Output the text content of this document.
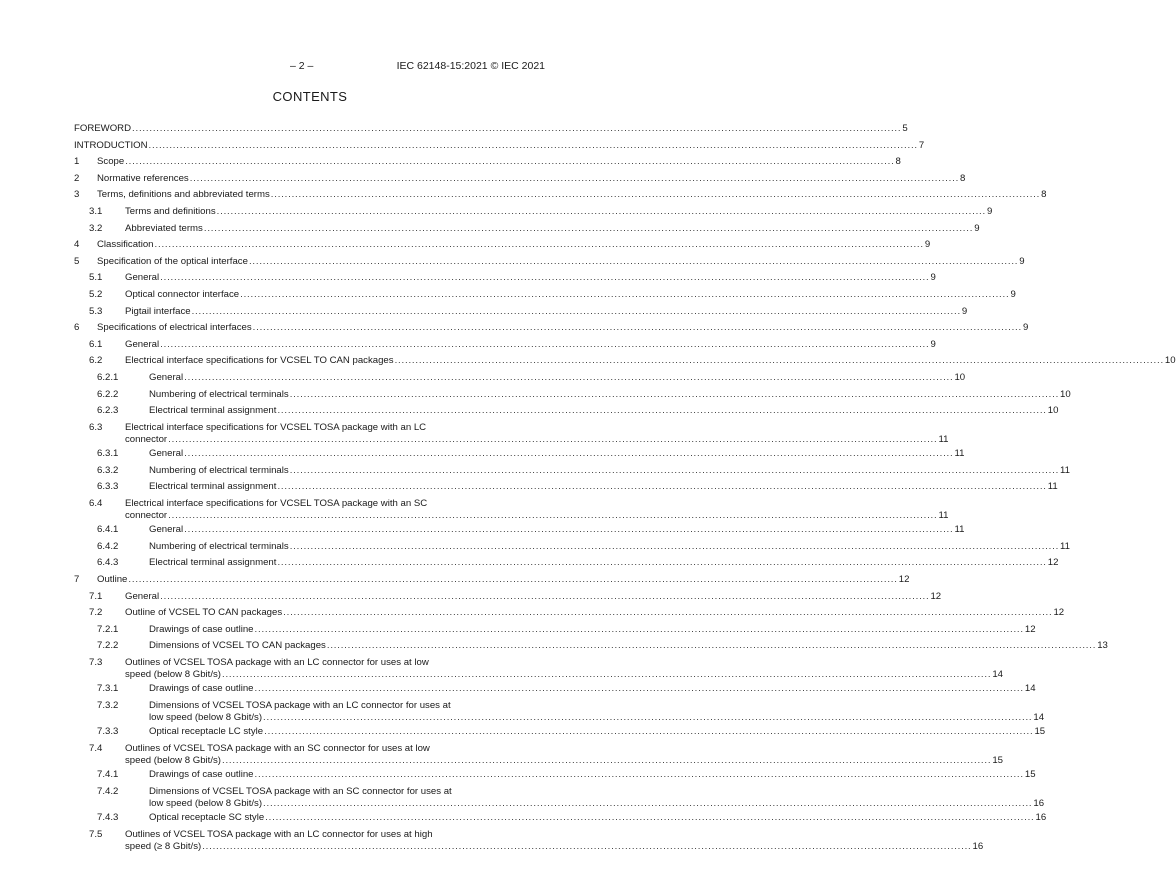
– 2 –	IEC 62148-15:2021 © IEC 2021
CONTENTS
FOREWORD .............................................................................................................................................................................................................................. 5
INTRODUCTION .............................................................................................................................................................................................................................. 7
1 Scope .............................................................................................................................................................................................................................. 8
2 Normative references .............................................................................................................................................................................................................................. 8
3 Terms, definitions and abbreviated terms .............................................................................................................................................................................................................................. 8
3.1 Terms and definitions .............................................................................................................................................................................................................................. 9
3.2 Abbreviated terms .............................................................................................................................................................................................................................. 9
4 Classification .............................................................................................................................................................................................................................. 9
5 Specification of the optical interface .............................................................................................................................................................................................................................. 9
5.1 General .............................................................................................................................................................................................................................. 9
5.2 Optical connector interface .............................................................................................................................................................................................................................. 9
5.3 Pigtail interface .............................................................................................................................................................................................................................. 9
6 Specifications of electrical interfaces .............................................................................................................................................................................................................................. 9
6.1 General .............................................................................................................................................................................................................................. 9
6.2 Electrical interface specifications for VCSEL TO CAN packages .............................................................................................................................................................................................................................. 10
6.2.1	General .............................................................................................................................................................................................................................. 10
6.2.2	Numbering of electrical terminals .............................................................................................................................................................................................................................. 10
6.2.3	Electrical terminal assignment .............................................................................................................................................................................................................................. 10
6.3 Electrical interface specifications for VCSEL TOSA package with an LC
connector .............................................................................................................................................................................................................................. 11
6.3.1	General .............................................................................................................................................................................................................................. 11
6.3.2	Numbering of electrical terminals .............................................................................................................................................................................................................................. 11
6.3.3	Electrical terminal assignment .............................................................................................................................................................................................................................. 11
6.4 Electrical interface specifications for VCSEL TOSA package with an SC
connector .............................................................................................................................................................................................................................. 11
6.4.1	General .............................................................................................................................................................................................................................. 11
6.4.2	Numbering of electrical terminals .............................................................................................................................................................................................................................. 11
6.4.3	Electrical terminal assignment .............................................................................................................................................................................................................................. 12
7 Outline .............................................................................................................................................................................................................................. 12
7.1 General .............................................................................................................................................................................................................................. 12
7.2 Outline of VCSEL TO CAN packages .............................................................................................................................................................................................................................. 12
7.2.1	Drawings of case outline .............................................................................................................................................................................................................................. 12
7.2.2	Dimensions of VCSEL TO CAN packages .............................................................................................................................................................................................................................. 13
7.3 Outlines of VCSEL TOSA package with an LC connector for uses at low
speed (below 8 Gbit/s) .............................................................................................................................................................................................................................. 14
7.3.1	Drawings of case outline .............................................................................................................................................................................................................................. 14
7.3.2	Dimensions of VCSEL TOSA package with an LC connector for uses at
low speed (below 8 Gbit/s) .............................................................................................................................................................................................................................. 14
7.3.3	Optical receptacle LC style .............................................................................................................................................................................................................................. 15
7.4 Outlines of VCSEL TOSA package with an SC connector for uses at low
speed (below 8 Gbit/s) .............................................................................................................................................................................................................................. 15
7.4.1	Drawings of case outline .............................................................................................................................................................................................................................. 15
7.4.2	Dimensions of VCSEL TOSA package with an SC connector for uses at
low speed (below 8 Gbit/s) .............................................................................................................................................................................................................................. 16
7.4.3	Optical receptacle SC style .............................................................................................................................................................................................................................. 16
7.5 Outlines of VCSEL TOSA package with an LC connector for uses at high
speed (≥ 8 Gbit/s) .............................................................................................................................................................................................................................. 16
